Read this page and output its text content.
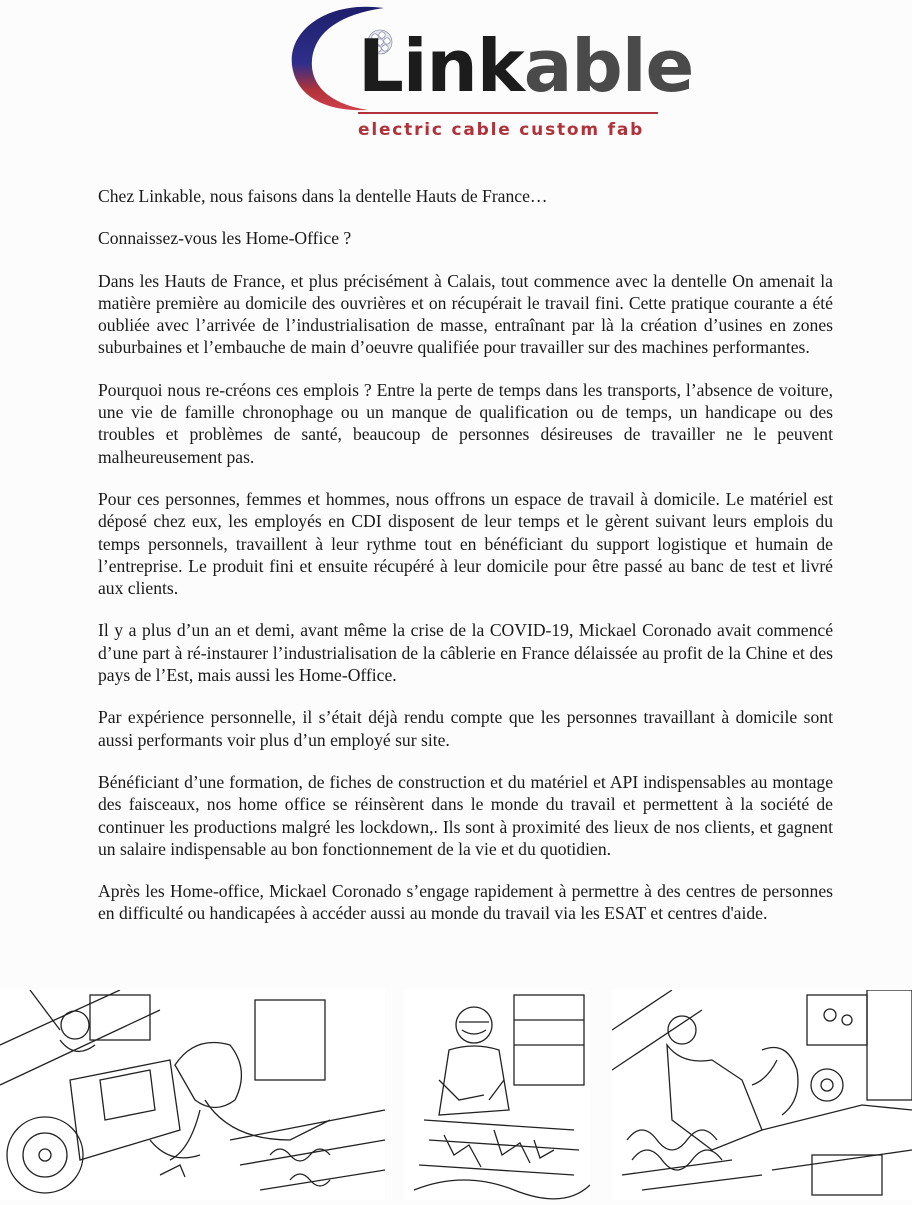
Linkable
electric cable custom fab

Chez Linkable, nous faisons dans la dentelle Hauts de France…

Connaissez-vous les Home-Office ?

Dans les Hauts de France, et plus précisément à Calais, tout commence avec la dentelle On amenait la matière première au domicile des ouvrières et on récupérait le travail fini. Cette pratique courante a été oubliée avec l’arrivée de l’industrialisation de masse, entraînant par là la création d’usines en zones suburbaines et l’embauche de main d’oeuvre qualifiée pour travailler sur des machines performantes.

Pourquoi nous re-créons ces emplois ? Entre la perte de temps dans les transports, l’absence de voiture, une vie de famille chronophage ou un manque de qualification ou de temps, un handicape ou des troubles et problèmes de santé, beaucoup de personnes désireuses de travailler ne le peuvent malheureusement pas.

Pour ces personnes, femmes et hommes, nous offrons un espace de travail à domicile. Le matériel est déposé chez eux, les employés en CDI disposent de leur temps et le gèrent suivant leurs emplois du temps personnels, travaillent à leur rythme tout en bénéficiant du support logistique et humain de l’entreprise. Le produit fini et ensuite récupéré à leur domicile pour être passé au banc de test et livré aux clients.

Il y a plus d’un an et demi, avant même la crise de la COVID-19, Mickael Coronado avait commencé d’une part à ré-instaurer l’industrialisation de la câblerie en France délaissée au profit de la Chine et des pays de l’Est, mais aussi les Home-Office.

Par expérience personnelle, il s’était déjà rendu compte que les personnes travaillant à domicile sont aussi performants voir plus d’un employé sur site.

Bénéficiant d’une formation, de fiches de construction et du matériel et API indispensables au montage des faisceaux, nos home office se réinsèrent dans le monde du travail et permettent à la société de continuer les productions malgré les lockdown,. Ils sont à proximité des lieux de nos clients, et gagnent un salaire indispensable au bon fonctionnement de la vie et du quotidien.

Après les Home-office, Mickael Coronado s’engage rapidement à permettre à des centres de personnes en difficulté ou handicapées à accéder aussi au monde du travail via les ESAT et centres d'aide.
